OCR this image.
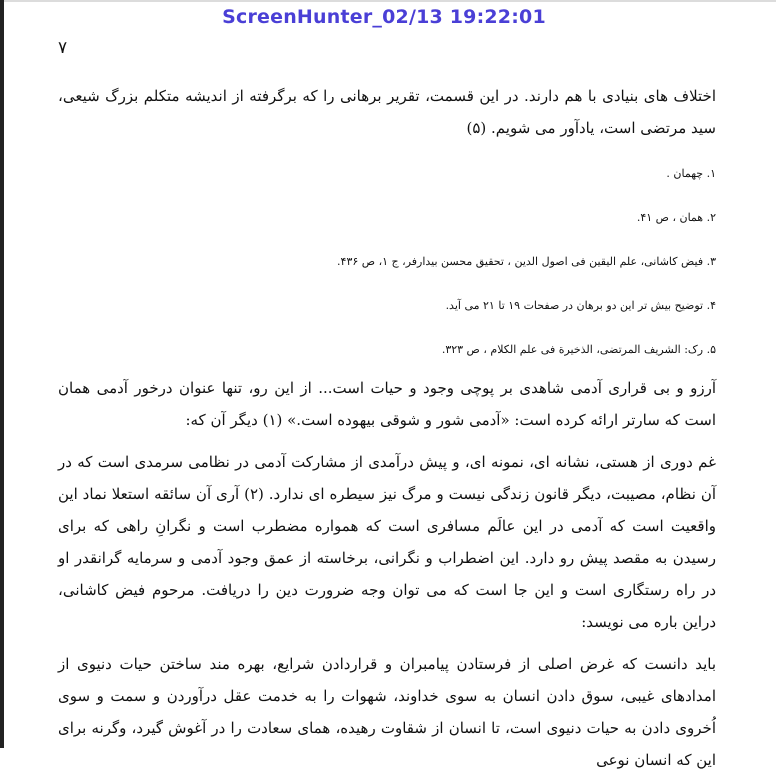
ScreenHunter_02/13 19:22:01
۷

اختلاف های بنیادی با هم دارند. در این قسمت، تقریر برهانی را که برگرفته از اندیشه متکلم بزرگ شیعی، سید مرتضی است، یادآور می شویم. (۵)

۱. چهمان .
۲. همان ، ص ۴۱.
۳. فیض کاشانی، علم الیقین فی اصول الدین ، تحقیق محسن بیدارفر، ج ۱، ص ۴۳۶.
۴. توضیح بیش تر این دو برهان در صفحات ۱۹ تا ۲۱ می آید.
۵. رک: الشریف المرتضی، الذخیرة فی علم الکلام ، ص ۳۲۳.

آرزو و بی قراری آدمی شاهدی بر پوچی وجود و حیات است... از این رو، تنها عنوان درخور آدمی همان است که سارتر ارائه کرده است: «آدمی شور و شوقی بیهوده است.» (۱) دیگر آن که:

غم دوری از هستی، نشانه ای، نمونه ای، و پیش درآمدی از مشارکت آدمی در نظامی سرمدی است که در آن نظام، مصیبت، دیگر قانون زندگی نیست و مرگ نیز سیطره ای ندارد. (۲) آری آن سائقه استعلا نماد این واقعیت است که آدمی در این عالَم مسافری است که همواره مضطرب است و نگرانِ راهی که برای رسیدن به مقصد پیش رو دارد. این اضطراب و نگرانی، برخاسته از عمق وجود آدمی و سرمایه گرانقدر او در راه رستگاری است و این جا است که می توان وجه ضرورت دین را دریافت. مرحوم فیض کاشانی، دراین باره می نویسد:

باید دانست که غرض اصلی از فرستادن پیامبران و قراردادن شرایع، بهره مند ساختن حیات دنیوی از امدادهای غیبی، سوق دادن انسان به سوی خداوند، شهوات را به خدمت عقل درآوردن و سمت و سوی اُخروی دادن به حیات دنیوی است، تا انسان از شقاوت رهیده، همای سعادت را در آغوش گیرد، وگرنه برای این که انسان نوعی
